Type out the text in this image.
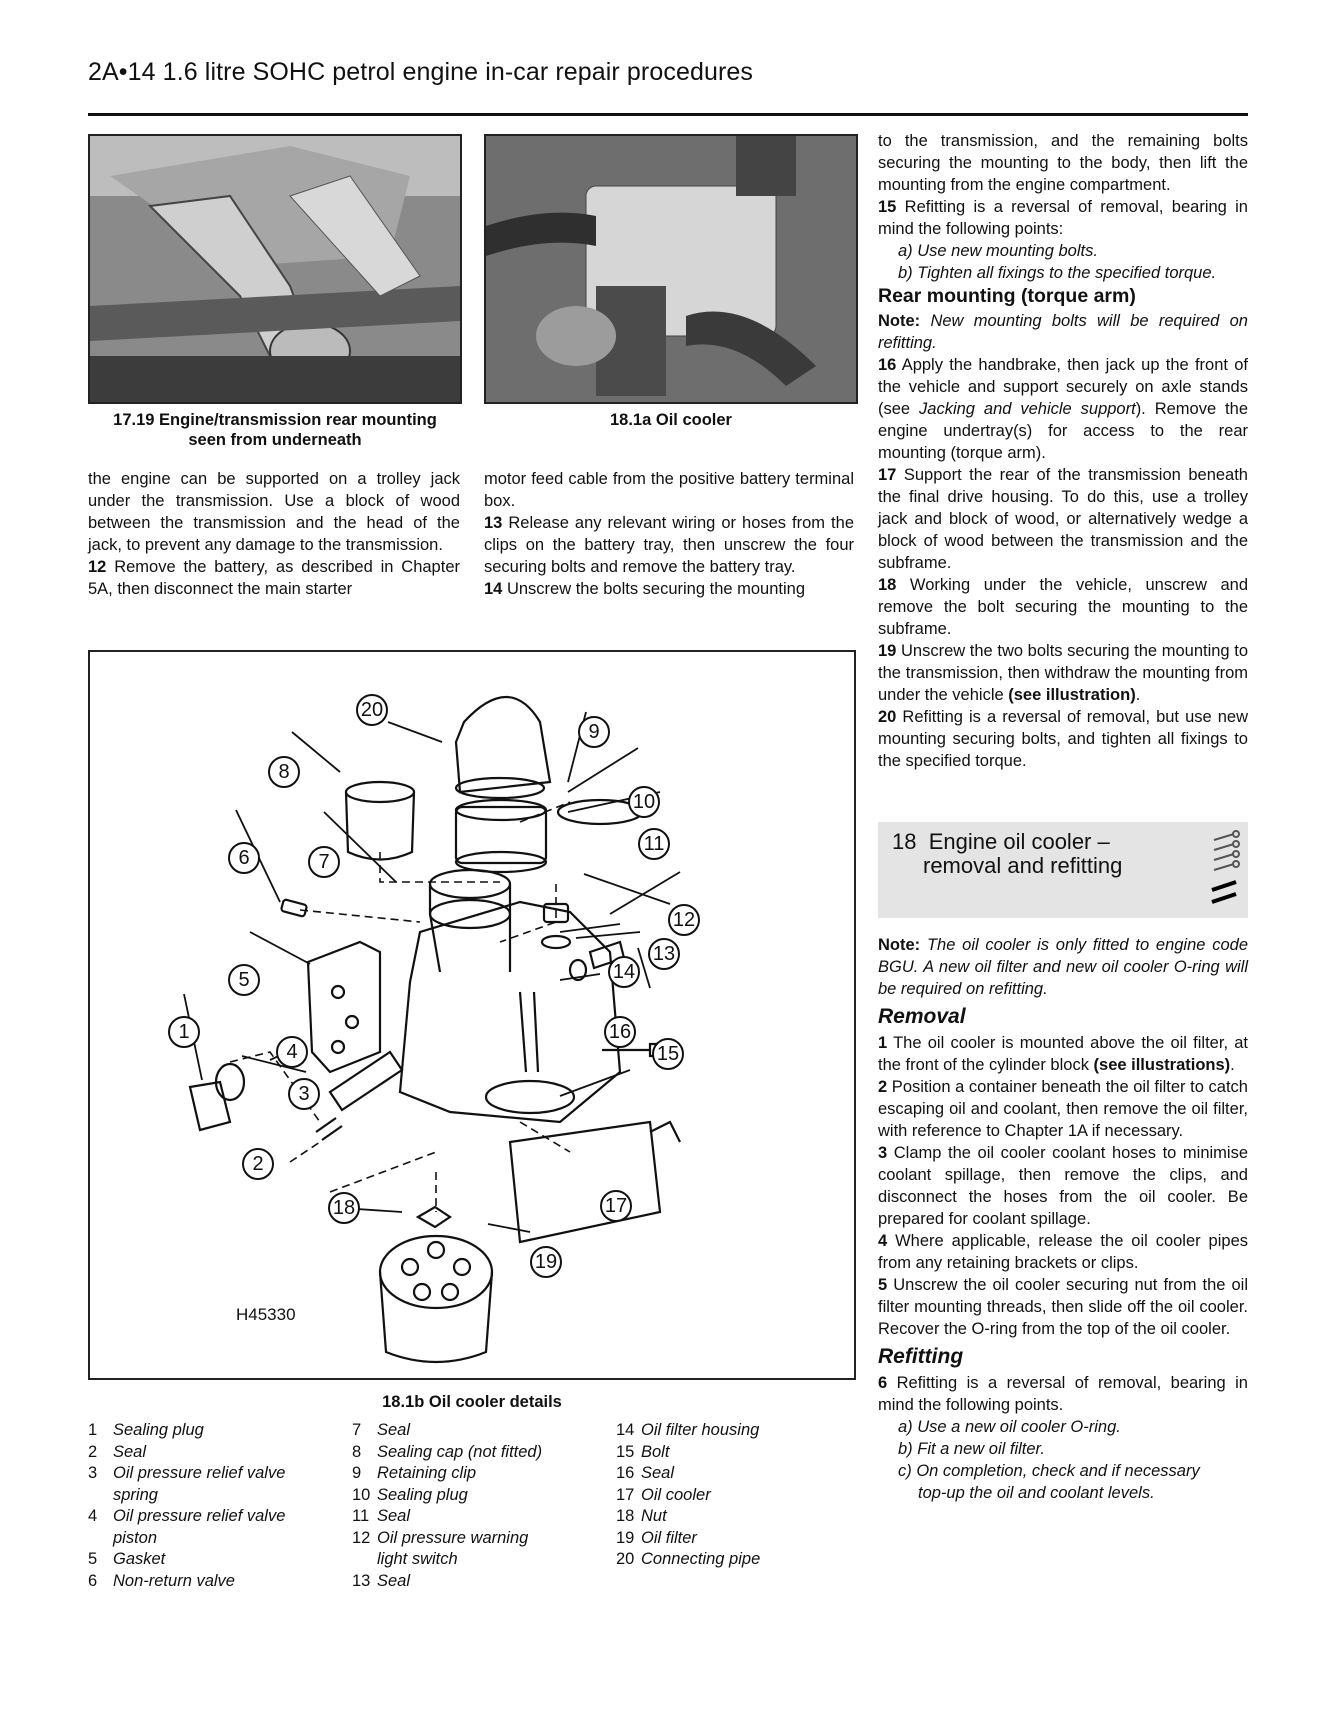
2A•14 1.6 litre SOHC petrol engine in-car repair procedures
17.19 Engine/transmission rear mounting
seen from underneath
18.1a Oil cooler

the engine can be supported on a trolley jack under the transmission. Use a block of wood between the transmission and the head of the jack, to prevent any damage to the transmission.

12 Remove the battery, as described in Chapter 5A, then disconnect the main starter

motor feed cable from the positive battery terminal box.

13 Release any relevant wiring or hoses from the clips on the battery tray, then unscrew the four securing bolts and remove the battery tray.

14 Unscrew the bolts securing the mounting

to the transmission, and the remaining bolts securing the mounting to the body, then lift the mounting from the engine compartment.

15 Refitting is a reversal of removal, bearing in mind the following points:

a) Use new mounting bolts.

b) Tighten all fixings to the specified torque.

Rear mounting (torque arm)

Note: New mounting bolts will be required on refitting.

16 Apply the handbrake, then jack up the front of the vehicle and support securely on axle stands (see Jacking and vehicle support). Remove the engine undertray(s) for access to the rear mounting (torque arm).

17 Support the rear of the transmission beneath the final drive housing. To do this, use a trolley jack and block of wood, or alternatively wedge a block of wood between the transmission and the subframe.

18 Working under the vehicle, unscrew and remove the bolt securing the mounting to the subframe.

19 Unscrew the two bolts securing the mounting to the transmission, then withdraw the mounting from under the vehicle (see illustration).

20 Refitting is a reversal of removal, but use new mounting securing bolts, and tighten all fixings to the specified torque.

18 Engine oil cooler –
removal and refitting

Note: The oil cooler is only fitted to engine code BGU. A new oil filter and new oil cooler O-ring will be required on refitting.

Removal

1 The oil cooler is mounted above the oil filter, at the front of the cylinder block (see illustrations).

2 Position a container beneath the oil filter to catch escaping oil and coolant, then remove the oil filter, with reference to Chapter 1A if necessary.

3 Clamp the oil cooler coolant hoses to minimise coolant spillage, then remove the clips, and disconnect the hoses from the oil cooler. Be prepared for coolant spillage.

4 Where applicable, release the oil cooler pipes from any retaining brackets or clips.

5 Unscrew the oil cooler securing nut from the oil filter mounting threads, then slide off the oil cooler. Recover the O-ring from the top of the oil cooler.

Refitting

6 Refitting is a reversal of removal, bearing in mind the following points.

a) Use a new oil cooler O-ring.

b) Fit a new oil filter.

c) On completion, check and if necessary

top-up the oil and coolant levels.

20
9
8
10
11
6	7
12
13
14
5
1	16
4	15
3
2
18	17
19
H45330
18.1b Oil cooler details
1 Sealing plug
2 Seal
3 Oil pressure relief valve
spring
4 Oil pressure relief valve
piston
5 Gasket
6 Non-return valve
7 Seal
8 Sealing cap (not fitted)
9 Retaining clip
10 Sealing plug
11 Seal
12 Oil pressure warning
light switch
13 Seal
14 Oil filter housing
15 Bolt
16 Seal
17 Oil cooler
18 Nut
19 Oil filter
20 Connecting pipe
